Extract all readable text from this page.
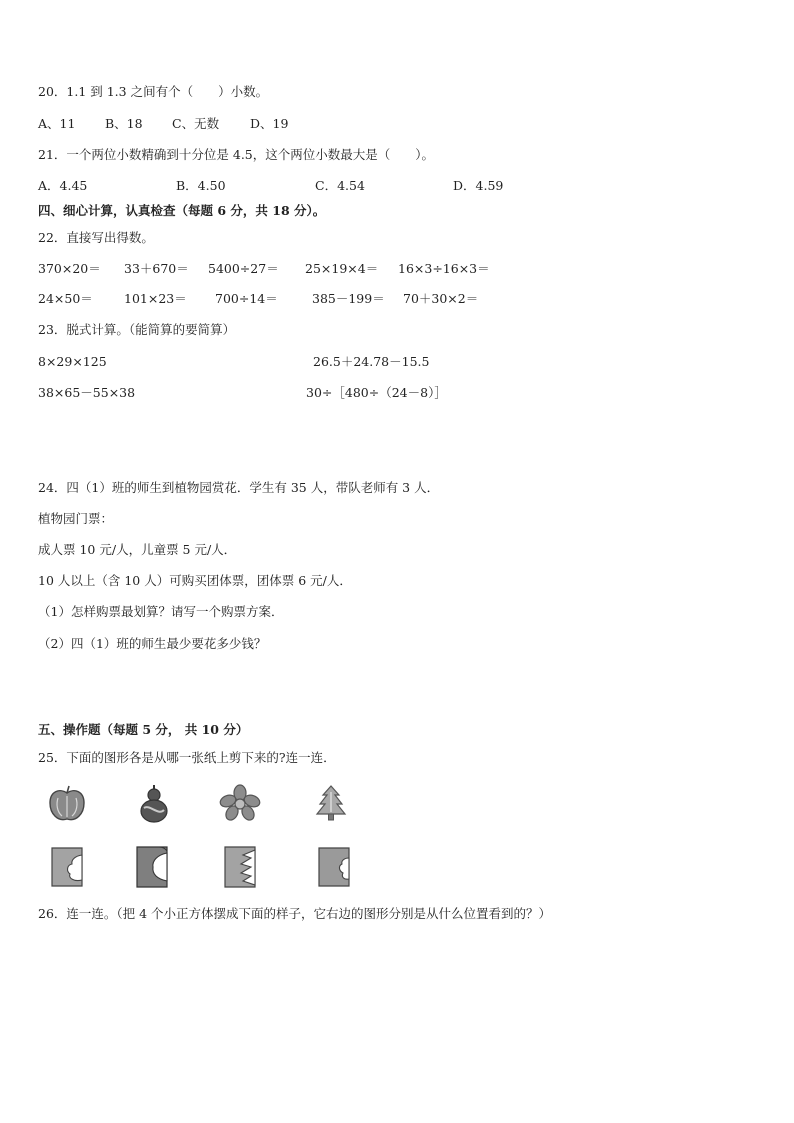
20．1.1 到 1.3 之间有个（　　）小数。
A、11 B、18 C、无数 D、19
21．一个两位小数精确到十分位是 4.5，这个两位小数最大是（　　）。
A．4.45	B．4.50	C．4.54	D．4.59
四、细心计算，认真检查（每题 6 分，共 18 分）。
22．直接写出得数。
370×20＝ 33＋670＝ 5400÷27＝ 25×19×4＝ 16×3÷16×3＝
24×50＝ 101×23＝ 700÷14＝	385－199＝ 70＋30×2＝
23．脱式计算。（能简算的要简算）
8×29×125	26.5＋24.78－15.5
38×65－55×38	30÷［480÷（24－8）］
24．四（1）班的师生到植物园赏花．学生有 35 人，带队老师有 3 人．
植物园门票：
成人票 10 元/人，儿童票 5 元/人．
10 人以上（含 10 人）可购买团体票，团体票 6 元/人．
（1）怎样购票最划算？请写一个购票方案．
（2）四（1）班的师生最少要花多少钱？
五、操作题（每题 5 分， 共 10 分）
25．下面的图形各是从哪一张纸上剪下来的?连一连．
26．连一连。（把 4 个小正方体摆成下面的样子，它右边的图形分别是从什么位置看到的？）
